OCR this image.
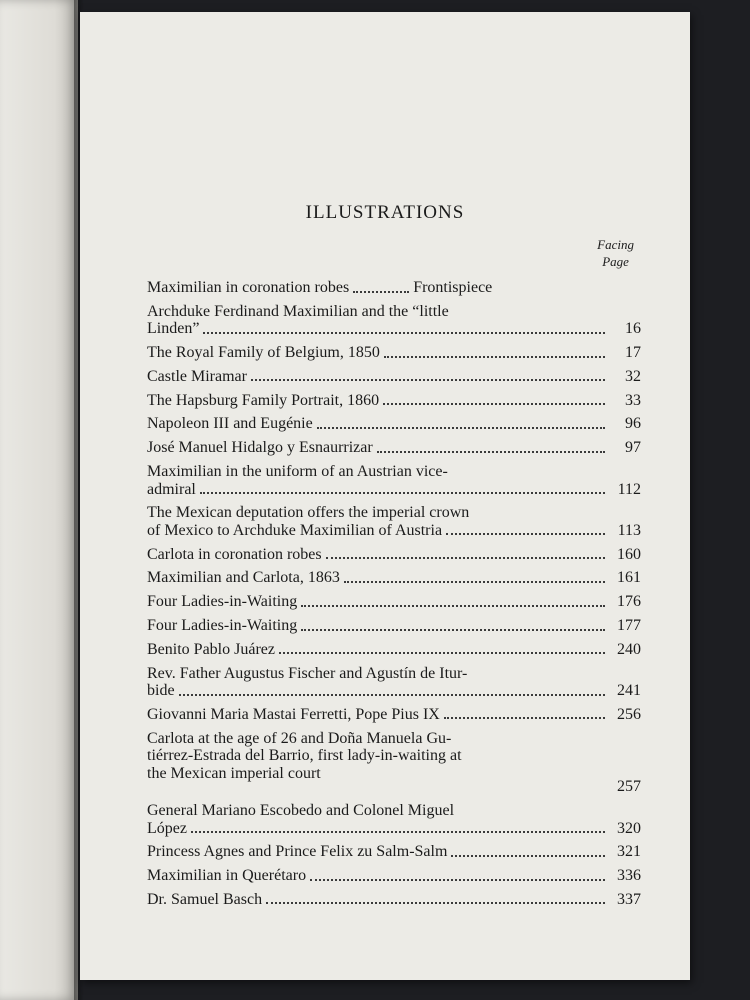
ILLUSTRATIONS
Facing
Page
Maximilian in coronation robes	Frontispiece
Archduke Ferdinand Maximilian and the “little
Linden”	16
The Royal Family of Belgium, 1850	17
Castle Miramar	32
The Hapsburg Family Portrait, 1860	33
Napoleon III and Eugénie	96
José Manuel Hidalgo y Esnaurrizar	97
Maximilian in the uniform of an Austrian vice-
admiral	112
The Mexican deputation offers the imperial crown
of Mexico to Archduke Maximilian of Austria	113
Carlota in coronation robes	160
Maximilian and Carlota, 1863	161
Four Ladies-in-Waiting	176
Four Ladies-in-Waiting	177
Benito Pablo Juárez	240
Rev. Father Augustus Fischer and Agustín de Itur-
bide	241
Giovanni Maria Mastai Ferretti, Pope Pius IX	256
Carlota at the age of 26 and Doña Manuela Gu-
tiérrez-Estrada del Barrio, first lady-in-waiting at
the Mexican imperial court
257
General Mariano Escobedo and Colonel Miguel
López	320
Princess Agnes and Prince Felix zu Salm-Salm	321
Maximilian in Querétaro	336
Dr. Samuel Basch	337
